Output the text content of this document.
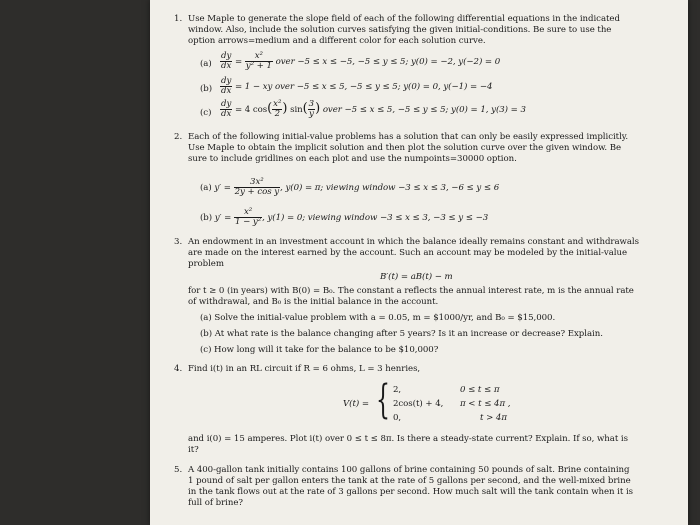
1. Use Maple to generate the slope field of each of the following differential equations in the indicated
window. Also, include the solution curves satisfying the given initial-conditions. Be sure to use the
option arrows=medium and a different color for each solution curve.
$(a) \frac{dy}{dx} = \frac{\text{x²}}{\text{y² + 1}}$ over −5 ≤ x ≤ −5, −5 ≤ y ≤ 5; y(0) = −2, y(−2) = 0
$(b) \frac{dy}{dx} = 1$ − xy over −5 ≤ x ≤ 5, −5 ≤ y ≤ 5; y(0) = 0, y(−1) = −4
$(c) \frac{dy}{dx} = 4$ $\cos( \frac{\text{x²}}{2}$ ) $\sin( \frac{3}{y}$ ) over −5 ≤ x ≤ 5, −5 ≤ y ≤ 5; y(0) = 1, y(3) = 3
2. Each of the following initial-value problems has a solution that can only be easily expressed implicitly.
Use Maple to obtain the implicit solution and then plot the solution curve over the given window. Be
sure to include gridlines on each plot and use the numpoints=30000 option.
(a) $y' = \frac{\text{3x²}}{\text{2y + cos y}}$ , y(0) = π; viewing window −3 ≤ x ≤ 3, −6 ≤ y ≤ 6
(b) $y' = \frac{\text{x²}}{\text{1 − y²}}$ , y(1) = 0; viewing window −3 ≤ x ≤ 3, −3 ≤ y ≤ −3
3. An endowment in an investment account in which the balance ideally remains constant and withdrawals
are made on the interest earned by the account. Such an account may be modeled by the initial-value
problem
B′(t) = aB(t) − m
for t ≥ 0 (in years) with B(0) = B₀. The constant a reflects the annual interest rate, m is the annual rate
of withdrawal, and B₀ is the initial balance in the account.
(a) Solve the initial-value problem with a = 0.05, m = $1000/yr, and B₀ = $15,000.
(b) At what rate is the balance changing after 5 years? Is it an increase or decrease? Explain.
(c) How long will it take for the balance to be $10,000?
4. Find i(t) in an RL circuit if R = 6 ohms, L = 3 henries,
V(t) = { 2,	0 ≤ t ≤ π
2cos(t) + 4, π < t ≤ 4π ,
0,	t > 4π
and i(0) = 15 amperes. Plot i(t) over 0 ≤ t ≤ 8π. Is there a steady-state current? Explain. If so, what is
it?
5. A 400-gallon tank initially contains 100 gallons of brine containing 50 pounds of salt. Brine containing
1 pound of salt per gallon enters the tank at the rate of 5 gallons per second, and the well-mixed brine
in the tank flows out at the rate of 3 gallons per second. How much salt will the tank contain when it is
full of brine?
